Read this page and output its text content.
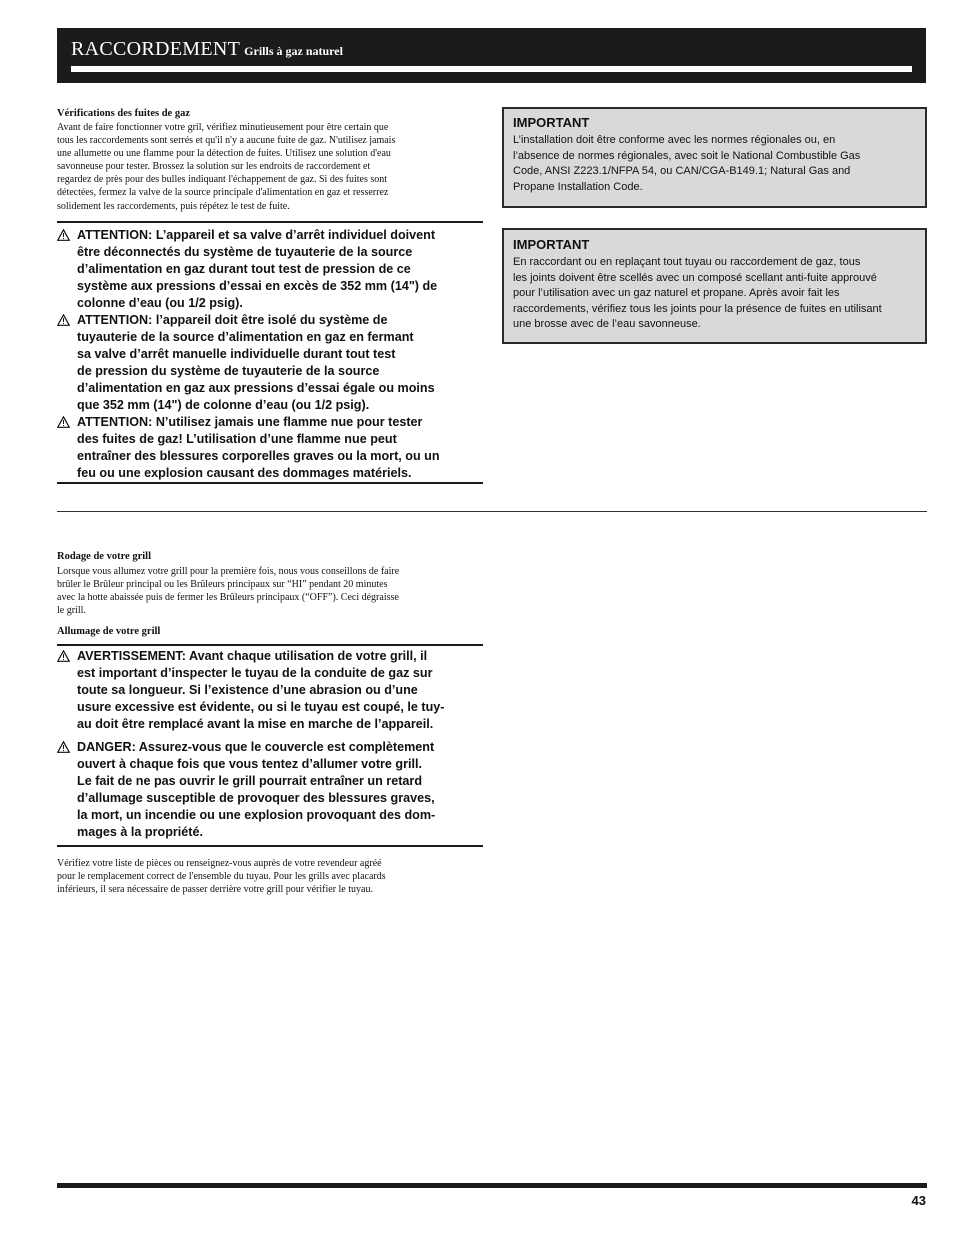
RACCORDEMENT Grills à gaz naturel
Vérifications des fuites de gaz
Avant de faire fonctionner votre gril, vérifiez minutieusement pour être certain que
tous les raccordements sont serrés et qu'il n'y a aucune fuite de gaz. N'utilisez jamais
une allumette ou une flamme pour la détection de fuites. Utilisez une solution d'eau
savonneuse pour tester. Brossez la solution sur les endroits de raccordement et
regardez de près pour des bulles indiquant l'échappement de gaz. Si des fuites sont
détectées, fermez la valve de la source principale d'alimentation en gaz et resserrez
solidement les raccordements, puis répétez le test de fuite.
ATTENTION: L’appareil et sa valve d’arrêt individuel doivent
être déconnectés du système de tuyauterie de la source
d’alimentation en gaz durant tout test de pression de ce
système aux pressions d’essai en excès de 352 mm (14") de
colonne d’eau (ou 1/2 psig).
ATTENTION: l’appareil doit être isolé du système de
tuyauterie de la source d’alimentation en gaz en fermant
sa valve d’arrêt manuelle individuelle durant tout test
de pression du système de tuyauterie de la source
d’alimentation en gaz aux pressions d’essai égale ou moins
que 352 mm (14") de colonne d’eau (ou 1/2 psig).
ATTENTION: N’utilisez jamais une flamme nue pour tester
des fuites de gaz! L’utilisation d’une flamme nue peut
entraîner des blessures corporelles graves ou la mort, ou un
feu ou une explosion causant des dommages matériels.
IMPORTANT
L’installation doit être conforme avec les normes régionales ou, en
l’absence de normes régionales, avec soit le National Combustible Gas
Code, ANSI Z223.1/NFPA 54, ou CAN/CGA-B149.1; Natural Gas and
Propane Installation Code.
IMPORTANT
En raccordant ou en replaçant tout tuyau ou raccordement de gaz, tous
les joints doivent être scellés avec un composé scellant anti-fuite approuvé
pour l’utilisation avec un gaz naturel et propane. Après avoir fait les
raccordements, vérifiez tous les joints pour la présence de fuites en utilisant
une brosse avec de l’eau savonneuse.
Rodage de votre grill
Lorsque vous allumez votre grill pour la première fois, nous vous conseillons de faire
brûler le Brûleur principal ou les Brûleurs principaux sur “HI” pendant 20 minutes
avec la hotte abaissée puis de fermer les Brûleurs principaux (“OFF”). Ceci dégraisse
le grill.
Allumage de votre grill
AVERTISSEMENT: Avant chaque utilisation de votre grill, il
est important d’inspecter le tuyau de la conduite de gaz sur
toute sa longueur. Si l’existence d’une abrasion ou d’une
usure excessive est évidente, ou si le tuyau est coupé, le tuy-
au doit être remplacé avant la mise en marche de l’appareil.
DANGER: Assurez-vous que le couvercle est complètement
ouvert à chaque fois que vous tentez d’allumer votre grill.
Le fait de ne pas ouvrir le grill pourrait entraîner un retard
d’allumage susceptible de provoquer des blessures graves,
la mort, un incendie ou une explosion provoquant des dom-
mages à la propriété.
Vérifiez votre liste de pièces ou renseignez-vous auprès de votre revendeur agréé
pour le remplacement correct de l'ensemble du tuyau. Pour les grills avec placards
inférieurs, il sera nécessaire de passer derrière votre grill pour vérifier le tuyau.
43
